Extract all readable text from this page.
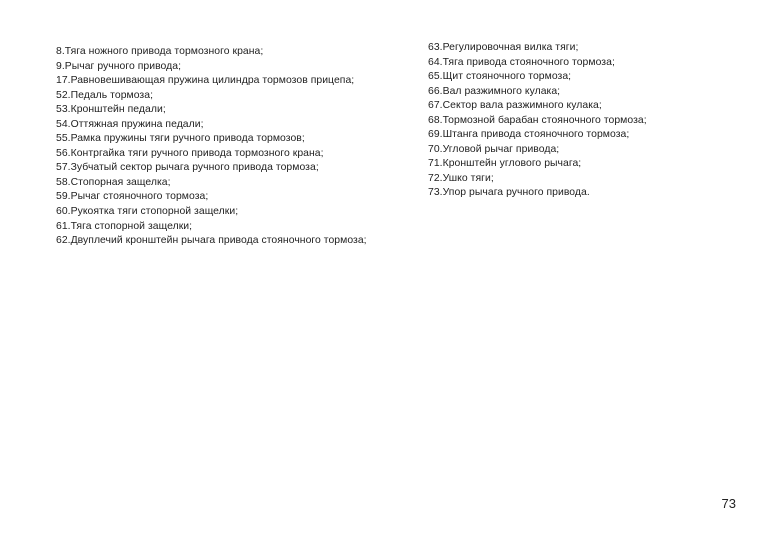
8.Тяга ножного привода тормозного крана;
9.Рычаг ручного привода;
17.Равновешивающая пружина цилиндра тормозов прицепа;
52.Педаль тормоза;
53.Кронштейн педали;
54.Оттяжная пружина педали;
55.Рамка пружины тяги ручного привода тормозов;
56.Контргайка тяги ручного привода тормозного крана;
57.Зубчатый сектор рычага ручного привода тормоза;
58.Стопорная защелка;
59.Рычаг стояночного тормоза;
60.Рукоятка тяги стопорной защелки;
61.Тяга стопорной защелки;
62.Двуплечий кронштейн рычага привода стояночного тормоза;
63.Регулировочная вилка тяги;
64.Тяга привода стояночного тормоза;
65.Щит стояночного тормоза;
66.Вал разжимного кулака;
67.Сектор вала разжимного кулака;
68.Тормозной барабан стояночного тормоза;
69.Штанга привода стояночного тормоза;
70.Угловой рычаг привода;
71.Кронштейн углового рычага;
72.Ушко тяги;
73.Упор рычага ручного привода.
73
